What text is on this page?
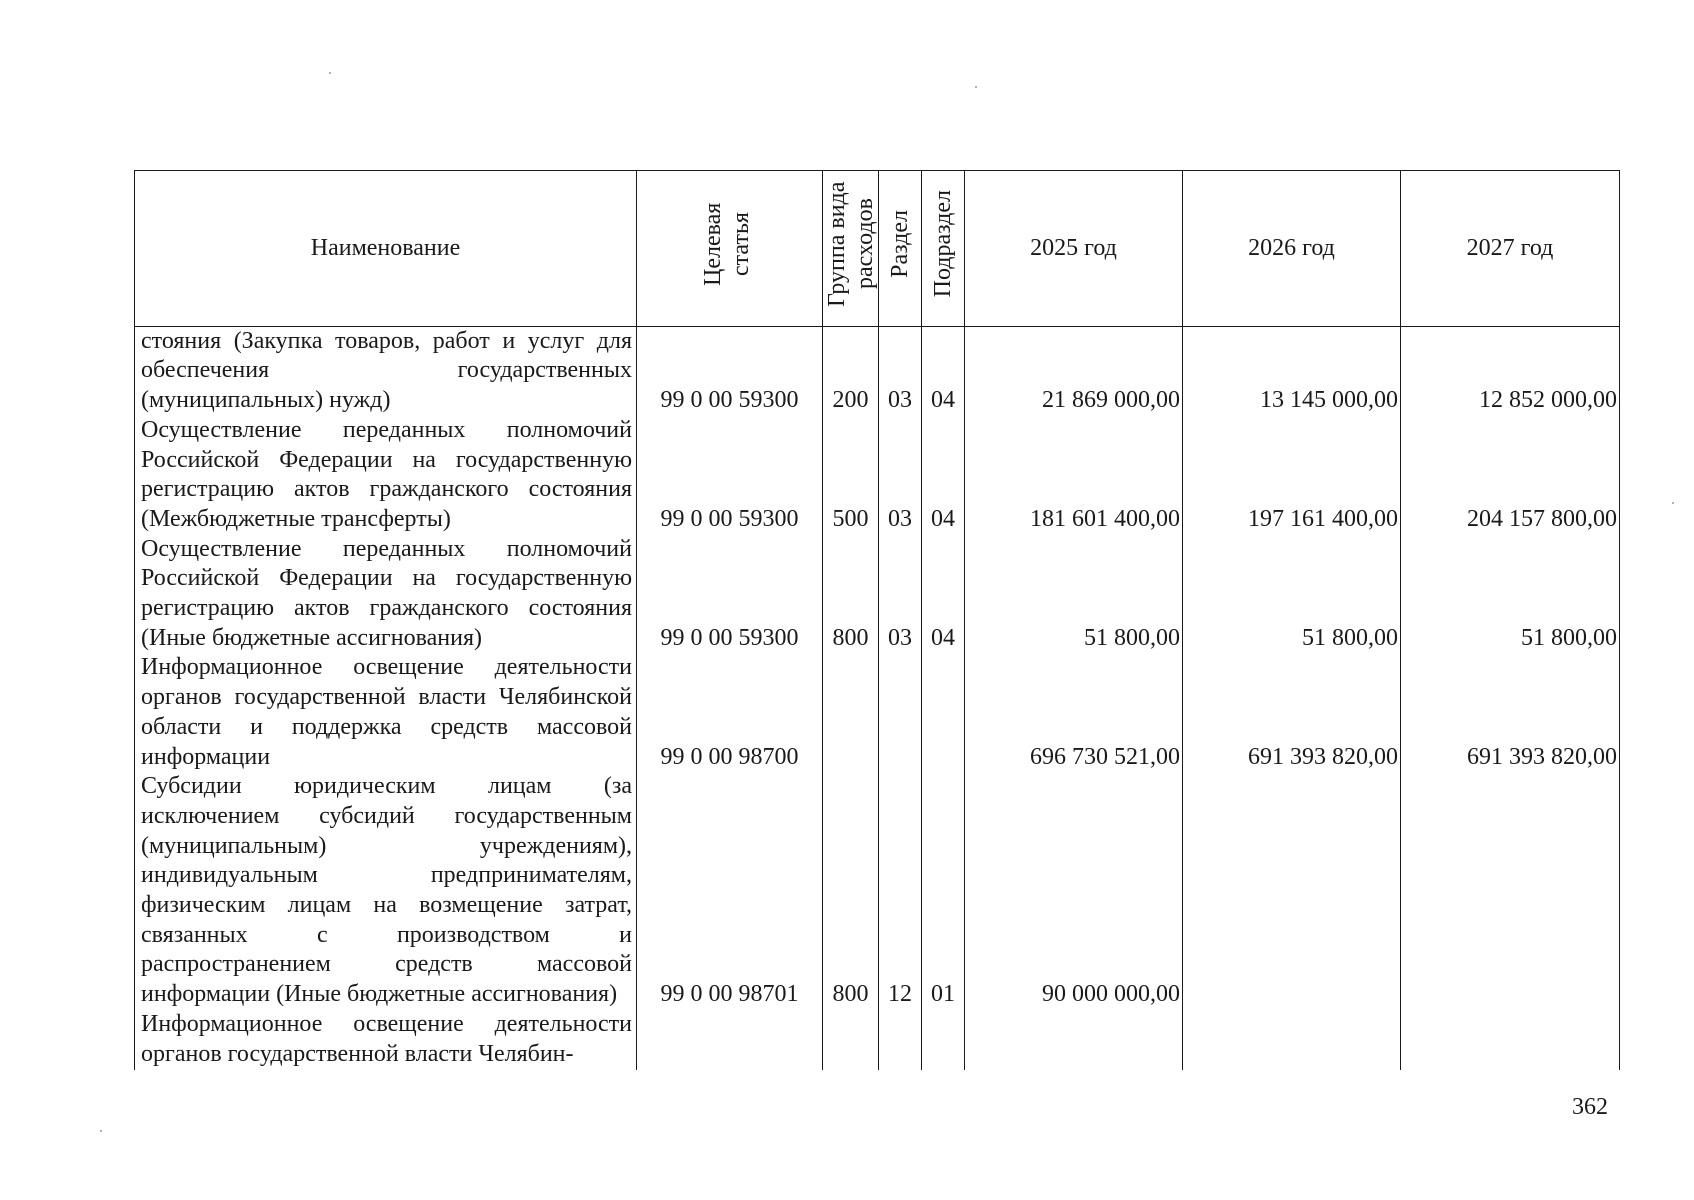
Наименование	Целевая статья	Группа вида расходов	Раздел	Подраздел	2025 год	2026 год	2027 год
стояния (Закупка товаров, работ и услуг для обеспечения государственных (муниципальных) нужд)	99 0 00 59300	200	03	04	21 869 000,00	13 145 000,00	12 852 000,00
Осуществление переданных полномочий Российской Федерации на государственную регистрацию актов гражданского состояния (Межбюджетные трансферты)	99 0 00 59300	500	03	04	181 601 400,00	197 161 400,00	204 157 800,00
Осуществление переданных полномочий Российской Федерации на государственную регистрацию актов гражданского состояния (Иные бюджетные ассигнования)	99 0 00 59300	800	03	04	51 800,00	51 800,00	51 800,00
Информационное освещение деятельности органов государственной власти Челябинской области и поддержка средств массовой информации	99 0 00 98700				696 730 521,00	691 393 820,00	691 393 820,00
Субсидии юридическим лицам (за исключением субсидий государственным (муниципальным) учреждениям), индивидуальным предпринимателям, физическим лицам на возмещение затрат, связанных с производством и распространением средств массовой информации (Иные бюджетные ассигнования)	99 0 00 98701	800	12	01	90 000 000,00		
Информационное освещение деятельности органов государственной власти Челябин-							
362
